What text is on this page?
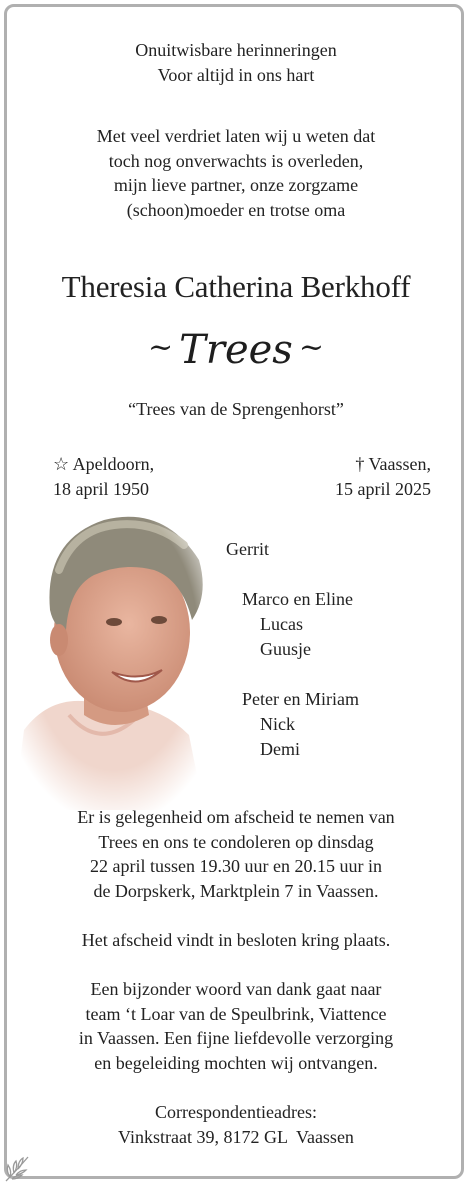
Onuitwisbare herinneringen
Voor altijd in ons hart
Met veel verdriet laten wij u weten dat
toch nog onverwachts is overleden,
mijn lieve partner, onze zorgzame
(schoon)moeder en trotse oma
Theresia Catherina Berkhoff
~ Trees ~
“Trees van de Sprengenhorst”
☆ Apeldoorn,
18 april 1950
† Vaassen,
15 april 2025
Gerrit
Marco en Eline
Lucas
Guusje
Peter en Miriam
Nick
Demi
Er is gelegenheid om afscheid te nemen van
Trees en ons te condoleren op dinsdag
22 april tussen 19.30 uur en 20.15 uur in
de Dorpskerk, Marktplein 7 in Vaassen.
Het afscheid vindt in besloten kring plaats.
Een bijzonder woord van dank gaat naar
team ‘t Loar van de Speulbrink, Viattence
in Vaassen. Een fijne liefdevolle verzorging
en begeleiding mochten wij ontvangen.
Correspondentieadres:
Vinkstraat 39, 8172 GL  Vaassen
